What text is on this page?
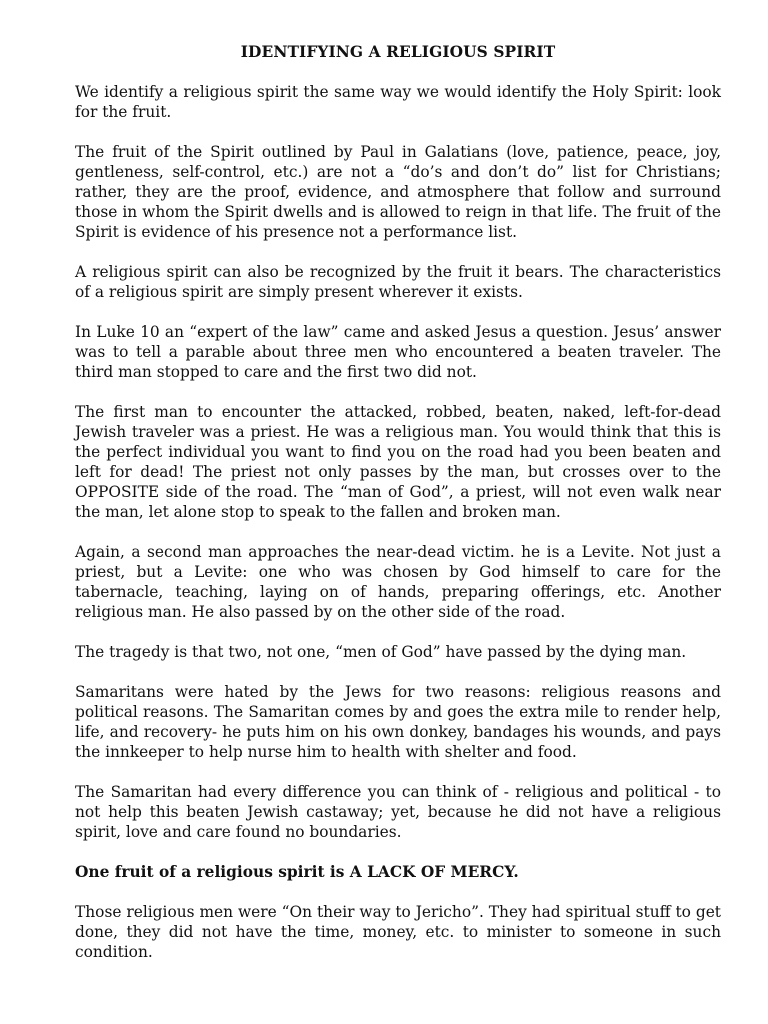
IDENTIFYING A RELIGIOUS SPIRIT

We identify a religious spirit the same way we would identify the Holy Spirit: look for the fruit.

The fruit of the Spirit outlined by Paul in Galatians (love, patience, peace, joy, gentleness, self-control, etc.) are not a “do’s and don’t do” list for Christians; rather, they are the proof, evidence, and atmosphere that follow and surround those in whom the Spirit dwells and is allowed to reign in that life. The fruit of the Spirit is evidence of his presence not a performance list.

A religious spirit can also be recognized by the fruit it bears. The characteristics of a religious spirit are simply present wherever it exists.

In Luke 10 an “expert of the law” came and asked Jesus a question. Jesus’ answer was to tell a parable about three men who encountered a beaten traveler. The third man stopped to care and the first two did not.

The first man to encounter the attacked, robbed, beaten, naked, left-for-dead Jewish traveler was a priest. He was a religious man. You would think that this is the perfect individual you want to find you on the road had you been beaten and left for dead! The priest not only passes by the man, but crosses over to the OPPOSITE side of the road. The “man of God”, a priest, will not even walk near the man, let alone stop to speak to the fallen and broken man.

Again, a second man approaches the near-dead victim. he is a Levite. Not just a priest, but a Levite: one who was chosen by God himself to care for the tabernacle, teaching, laying on of hands, preparing offerings, etc. Another religious man. He also passed by on the other side of the road.

The tragedy is that two, not one, “men of God” have passed by the dying man.

Samaritans were hated by the Jews for two reasons: religious reasons and political reasons. The Samaritan comes by and goes the extra mile to render help, life, and recovery- he puts him on his own donkey, bandages his wounds, and pays the innkeeper to help nurse him to health with shelter and food.

The Samaritan had every difference you can think of - religious and political - to not help this beaten Jewish castaway; yet, because he did not have a religious spirit, love and care found no boundaries.

One fruit of a religious spirit is A LACK OF MERCY.

Those religious men were “On their way to Jericho”. They had spiritual stuff to get done, they did not have the time, money, etc. to minister to someone in such condition.
